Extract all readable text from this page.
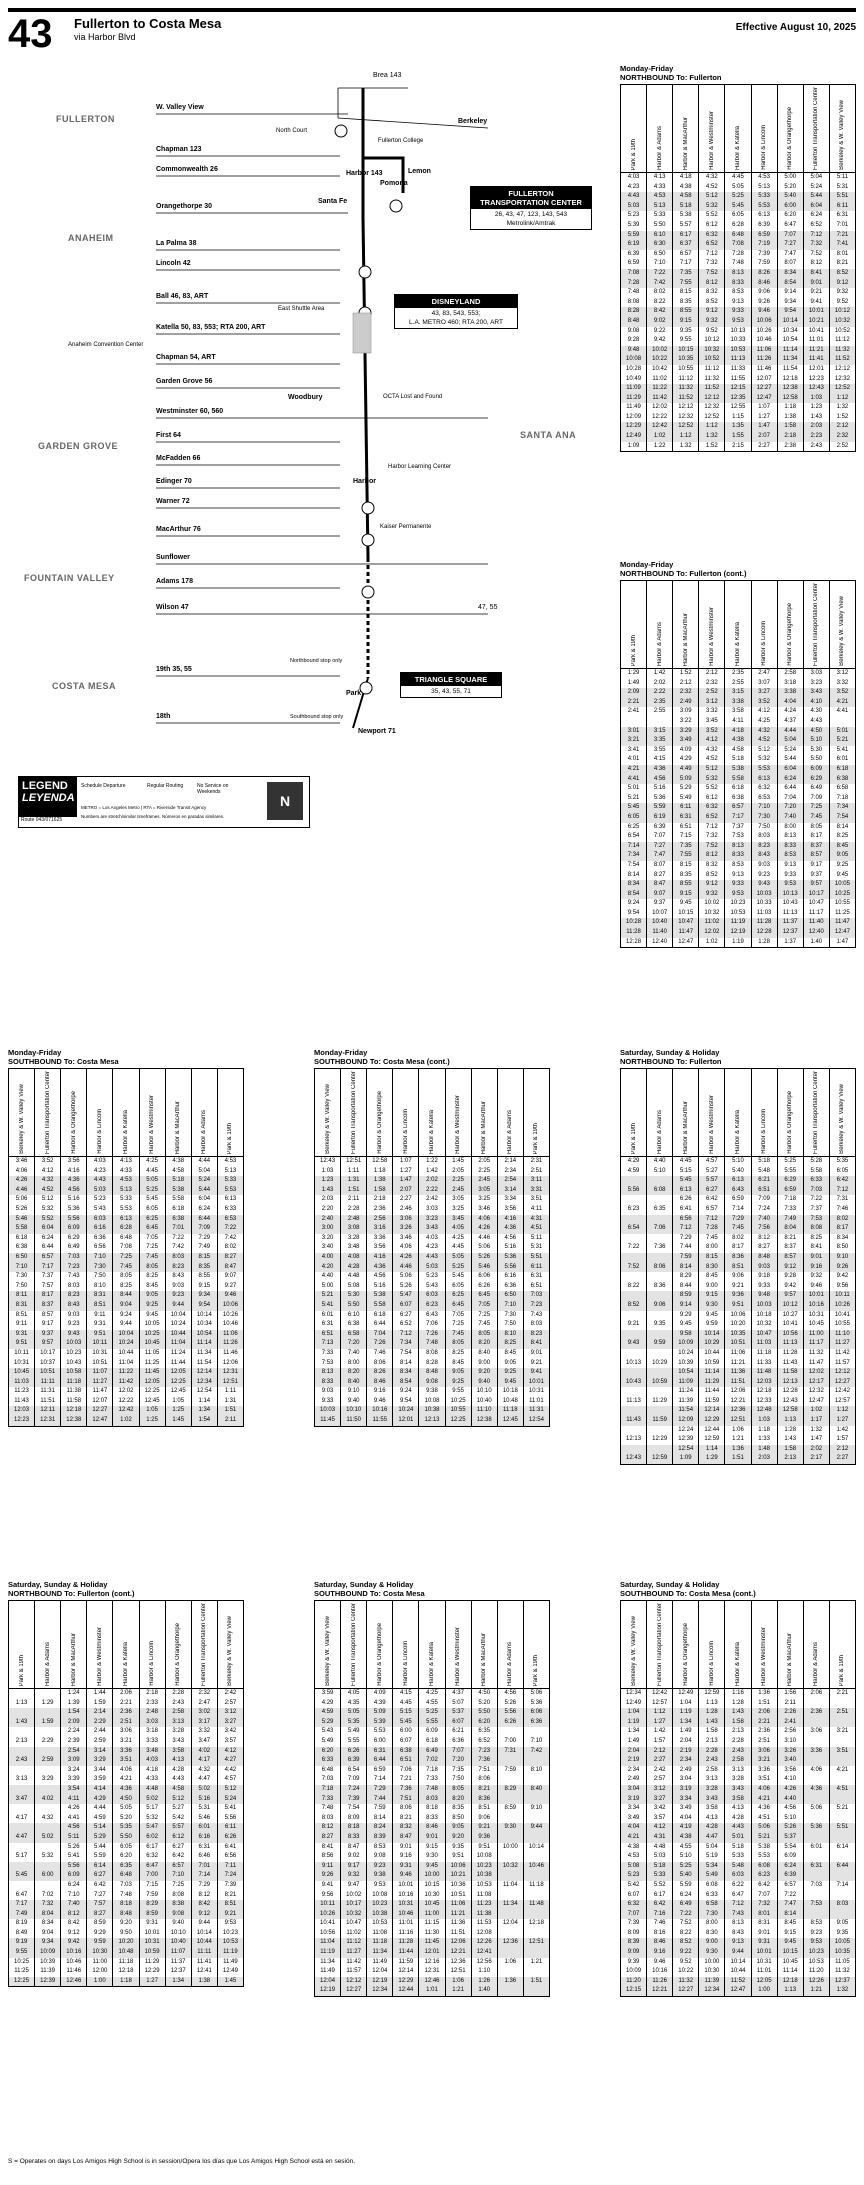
43 Fullerton to Costa Mesa
via Harbor Blvd
Effective August 10, 2025
FULLERTON
ANAHEIM
GARDEN GROVE
SANTA ANA
FOUNTAIN VALLEY
COSTA MESA
W. Valley View
Chapman 123
Commonwealth 26
Orangethorpe 30
La Palma 38
Lincoln 42
Ball 46, 83, ART
Katella 50, 83, 553; RTA 200, ART
Chapman 54, ART
Garden Grove 56
Westminster 60, 560
First 64
McFadden 66
Edinger 70
Warner 72
MacArthur 76
Sunflower
Adams 178
Wilson 47
19th 35, 55
18th
Brea 143
Berkeley
North Court
Fullerton College
Harbor 143
Pomona
Lemon
Santa Fe
East Shuttle Area
Anaheim Convention Center
Woodbury	OCTA Lost and Found
Harbor
Harbor Learning Center
Kaiser Permanente
47, 55
Northbound stop only
Southbound stop only
Park
Newport 71
FULLERTON TRANSPORTATION CENTER
26, 43, 47, 123, 143, 543
Metrolink/Amtrak
DISNEYLAND
43, 83, 543, 553;
L.A. METRO 460; RTA 200, ART
TRIANGLE SQUARE
35, 43, 55, 71
LEGEND
LEYENDA
Route 043/071625
Schedule Departure	Regular Routing	No Service on Weekends
METRO = Los Angeles Metro | RTA = Riverside Transit Agency
Numbers are stretch/similar timeframes. Números en paradas similares.
N
Monday-Friday
NORTHBOUND To: Fullerton
Park & 19th	Harbor & Adams	Harbor & MacArthur	Harbor & Westminster	Harbor & Katella	Harbor & Lincoln	Harbor & Orangethorpe	Fullerton Transportation Center	Berkeley & W. Valley View

4:03	4:13	4:18	4:32	4:45	4:53	5:00	5:04	5:11
4:23	4:33	4:38	4:52	5:05	5:13	5:20	5:24	5:31
4:43	4:53	4:58	5:12	5:25	5:33	5:40	5:44	5:51
5:03	5:13	5:18	5:32	5:45	5:53	6:00	6:04	6:11
5:23	5:33	5:38	5:52	6:05	6:13	6:20	6:24	6:31
5:39	5:50	5:57	6:12	6:28	6:39	6:47	6:52	7:01
5:59	6:10	6:17	6:32	6:48	6:59	7:07	7:12	7:21
6:19	6:30	6:37	6:52	7:08	7:19	7:27	7:32	7:41
6:39	6:50	6:57	7:12	7:28	7:39	7:47	7:52	8:01
6:59	7:10	7:17	7:32	7:48	7:59	8:07	8:12	8:21
7:08	7:22	7:35	7:52	8:13	8:26	8:34	8:41	8:52
7:28	7:42	7:55	8:12	8:33	8:46	8:54	9:01	9:12
7:48	8:02	8:15	8:32	8:53	9:06	9:14	9:21	9:32
8:08	8:22	8:35	8:52	9:13	9:26	9:34	9:41	9:52
8:28	8:42	8:55	9:12	9:33	9:46	9:54	10:01	10:12
8:48	9:02	9:15	9:32	9:53	10:06	10:14	10:21	10:32
9:08	9:22	9:35	9:52	10:13	10:26	10:34	10:41	10:52
9:28	9:42	9:55	10:12	10:33	10:46	10:54	11:01	11:12
9:48	10:02	10:15	10:32	10:53	11:06	11:14	11:21	11:32
10:08	10:22	10:35	10:52	11:13	11:26	11:34	11:41	11:52
10:28	10:42	10:55	11:12	11:33	11:46	11:54	12:01	12:12
10:49	11:02	11:12	11:32	11:55	12:07	12:18	12:23	12:32
11:09	11:22	11:32	11:52	12:15	12:27	12:38	12:43	12:52
11:29	11:42	11:52	12:12	12:35	12:47	12:58	1:03	1:12
11:49	12:02	12:12	12:32	12:55	1:07	1:18	1:23	1:32
12:09	12:22	12:32	12:52	1:15	1:27	1:38	1:43	1:52
12:29	12:42	12:52	1:12	1:35	1:47	1:58	2:03	2:12
12:49	1:02	1:12	1:32	1:55	2:07	2:18	2:23	2:32
1:09	1:22	1:32	1:52	2:15	2:27	2:38	2:43	2:52
Monday-Friday
NORTHBOUND To: Fullerton (cont.)
Park & 19th	Harbor & Adams	Harbor & MacArthur	Harbor & Westminster	Harbor & Katella	Harbor & Lincoln	Harbor & Orangethorpe	Fullerton Transportation Center	Berkeley & W. Valley View

1:29	1:42	1:52	2:12	2:35	2:47	2:58	3:03	3:12
1:49	2:02	2:12	2:32	2:55	3:07	3:18	3:23	3:32
2:09	2:22	2:32	2:52	3:15	3:27	3:38	3:43	3:52
2:21	2:35	2:49	3:12	3:38	3:52	4:04	4:10	4:21
2:41	2:55	3:09	3:32	3:58	4:12	4:24	4:30	4:41
		3:22	3:45	4:11	4:25	4:37	4:43	
3:01	3:15	3:29	3:52	4:18	4:32	4:44	4:50	5:01
3:21	3:35	3:49	4:12	4:38	4:52	5:04	5:10	5:21
3:41	3:55	4:09	4:32	4:58	5:12	5:24	5:30	5:41
4:01	4:15	4:29	4:52	5:18	5:32	5:44	5:50	6:01
4:21	4:36	4:49	5:12	5:38	5:53	6:04	6:09	6:18
4:41	4:56	5:09	5:32	5:58	6:13	6:24	6:29	6:38
5:01	5:16	5:29	5:52	6:18	6:32	6:44	6:49	6:58
5:21	5:36	5:49	6:12	6:38	6:53	7:04	7:09	7:18
5:45	5:59	6:11	6:32	6:57	7:10	7:20	7:25	7:34
6:05	6:19	6:31	6:52	7:17	7:30	7:40	7:45	7:54
6:25	6:39	6:51	7:12	7:37	7:50	8:00	8:05	8:14
6:54	7:07	7:15	7:32	7:53	8:03	8:13	8:17	8:25
7:14	7:27	7:35	7:52	8:13	8:23	8:33	8:37	8:45
7:34	7:47	7:55	8:12	8:33	8:43	8:53	8:57	9:05
7:54	8:07	8:15	8:32	8:53	9:03	9:13	9:17	9:25
8:14	8:27	8:35	8:52	9:13	9:23	9:33	9:37	9:45
8:34	8:47	8:55	9:12	9:33	9:43	9:53	9:57	10:05
8:54	9:07	9:15	9:32	9:53	10:03	10:13	10:17	10:25
9:24	9:37	9:45	10:02	10:23	10:33	10:43	10:47	10:55
9:54	10:07	10:15	10:32	10:53	11:03	11:13	11:17	11:25
10:28	10:40	10:47	11:02	11:19	11:28	11:37	11:40	11:47
11:28	11:40	11:47	12:02	12:19	12:28	12:37	12:40	12:47
12:28	12:40	12:47	1:02	1:19	1:28	1:37	1:40	1:47
Monday-Friday
SOUTHBOUND To: Costa Mesa
Berkeley & W. Valley View	Fullerton Transportation Center	Harbor & Orangethorpe	Harbor & Lincoln	Harbor & Katella	Harbor & Westminster	Harbor & MacArthur	Harbor & Adams	Park & 19th

3:46	3:52	3:56	4:03	4:13	4:25	4:38	4:44	4:53
4:06	4:12	4:16	4:23	4:33	4:45	4:58	5:04	5:13
4:26	4:32	4:36	4:43	4:53	5:05	5:18	5:24	5:33
4:46	4:52	4:56	5:03	5:13	5:25	5:38	5:44	5:53
5:06	5:12	5:16	5:23	5:33	5:45	5:58	6:04	6:13
5:26	5:32	5:36	5:43	5:53	6:05	6:18	6:24	6:33
5:46	5:52	5:56	6:03	6:13	6:25	6:38	6:44	6:53
5:58	6:04	6:09	6:16	6:28	6:45	7:01	7:09	7:22
6:18	6:24	6:29	6:36	6:48	7:05	7:22	7:29	7:42
6:38	6:44	6:49	6:56	7:08	7:25	7:42	7:49	8:02
6:50	6:57	7:03	7:10	7:25	7:45	8:03	8:15	8:27
7:10	7:17	7:23	7:30	7:45	8:05	8:23	8:35	8:47
7:30	7:37	7:43	7:50	8:05	8:25	8:43	8:55	9:07
7:50	7:57	8:03	8:10	8:25	8:45	9:03	9:15	9:27
8:11	8:17	8:23	8:31	8:44	9:05	9:23	9:34	9:46
8:31	8:37	8:43	8:51	9:04	9:25	9:44	9:54	10:06
8:51	8:57	9:03	9:11	9:24	9:45	10:04	10:14	10:26
9:11	9:17	9:23	9:31	9:44	10:05	10:24	10:34	10:46
9:31	9:37	9:43	9:51	10:04	10:25	10:44	10:54	11:06
9:51	9:57	10:03	10:11	10:24	10:45	11:04	11:14	11:26
10:11	10:17	10:23	10:31	10:44	11:05	11:24	11:34	11:46
10:31	10:37	10:43	10:51	11:04	11:25	11:44	11:54	12:06
10:45	10:51	10:58	11:07	11:22	11:45	12:05	12:14	12:31
11:03	11:11	11:18	11:27	11:42	12:05	12:25	12:34	12:51
11:23	11:31	11:38	11:47	12:02	12:25	12:45	12:54	1:11
11:43	11:51	11:58	12:07	12:22	12:45	1:05	1:14	1:31
12:03	12:11	12:18	12:27	12:42	1:05	1:25	1:34	1:51
12:23	12:31	12:38	12:47	1:02	1:25	1:45	1:54	2:11
Monday-Friday
SOUTHBOUND To: Costa Mesa (cont.)
Berkeley & W. Valley View	Fullerton Transportation Center	Harbor & Orangethorpe	Harbor & Lincoln	Harbor & Katella	Harbor & Westminster	Harbor & MacArthur	Harbor & Adams	Park & 19th

12:43	12:51	12:58	1:07	1:22	1:45	2:05	2:14	2:31
1:03	1:11	1:18	1:27	1:42	2:05	2:25	2:34	2:51
1:23	1:31	1:38	1:47	2:02	2:25	2:45	2:54	3:11
1:43	1:51	1:58	2:07	2:22	2:45	3:05	3:14	3:31
2:03	2:11	2:18	2:27	2:42	3:05	3:25	3:34	3:51
2:20	2:28	2:36	2:46	3:03	3:25	3:46	3:56	4:11
2:40	2:48	2:56	3:06	3:23	3:45	4:06	4:16	4:31
3:00	3:08	3:16	3:26	3:43	4:05	4:26	4:36	4:51
3:20	3:28	3:36	3:46	4:03	4:25	4:46	4:56	5:11
3:40	3:48	3:56	4:06	4:23	4:45	5:06	5:16	5:31
4:00	4:08	4:16	4:26	4:43	5:05	5:26	5:36	5:51
4:20	4:28	4:36	4:46	5:03	5:25	5:46	5:56	6:11
4:40	4:48	4:56	5:06	5:23	5:45	6:06	6:16	6:31
5:00	5:08	5:16	5:26	5:43	6:05	6:26	6:36	6:51
5:21	5:30	5:38	5:47	6:03	6:25	6:45	6:50	7:03
5:41	5:50	5:58	6:07	6:23	6:45	7:05	7:10	7:23
6:01	6:10	6:18	6:27	6:43	7:05	7:25	7:30	7:43
6:31	6:38	6:44	6:52	7:06	7:25	7:45	7:50	8:03
6:51	6:58	7:04	7:12	7:26	7:45	8:05	8:10	8:23
7:13	7:20	7:26	7:34	7:48	8:05	8:20	8:25	8:41
7:33	7:40	7:46	7:54	8:08	8:25	8:40	8:45	9:01
7:53	8:00	8:06	8:14	8:28	8:45	9:00	9:05	9:21
8:13	8:20	8:26	8:34	8:48	9:05	9:20	9:25	9:41
8:33	8:40	8:46	8:54	9:08	9:25	9:40	9:45	10:01
9:03	9:10	9:16	9:24	9:38	9:55	10:10	10:18	10:31
9:33	9:40	9:46	9:54	10:08	10:25	10:40	10:48	11:01
10:03	10:10	10:16	10:24	10:38	10:55	11:10	11:18	11:31
11:45	11:50	11:55	12:01	12:13	12:25	12:38	12:45	12:54
Saturday, Sunday & Holiday
NORTHBOUND To: Fullerton
Park & 19th	Harbor & Adams	Harbor & MacArthur	Harbor & Westminster	Harbor & Katella	Harbor & Lincoln	Harbor & Orangethorpe	Fullerton Transportation Center	Berkeley & W. Valley View

4:29	4:40	4:45	4:57	5:10	5:18	5:25	5:28	5:35
4:59	5:10	5:15	5:27	5:40	5:48	5:55	5:58	6:05
		5:45	5:57	6:13	6:21	6:29	6:33	6:42
5:56	6:08	6:13	6:27	6:43	6:51	6:59	7:03	7:12
		6:26	6:42	6:59	7:09	7:18	7:22	7:31
6:23	6:35	6:41	6:57	7:14	7:24	7:33	7:37	7:46
		6:56	7:12	7:29	7:40	7:49	7:53	8:02
6:54	7:06	7:12	7:28	7:45	7:56	8:04	8:08	8:17
		7:29	7:45	8:02	8:12	8:21	8:25	8:34
7:22	7:36	7:44	8:00	8:17	8:27	8:37	8:41	8:50
		7:59	8:15	8:36	8:48	8:57	9:01	9:10
7:52	8:06	8:14	8:30	8:51	9:03	9:12	9:16	9:26
		8:29	8:45	9:06	9:18	9:28	9:32	9:42
8:22	8:36	8:44	9:00	9:21	9:33	9:42	9:46	9:56
		8:59	9:15	9:36	9:48	9:57	10:01	10:11
8:52	9:06	9:14	9:30	9:51	10:03	10:12	10:16	10:26
		9:29	9:45	10:06	10:18	10:27	10:31	10:41
9:21	9:35	9:45	9:59	10:20	10:32	10:41	10:45	10:55
		9:58	10:14	10:35	10:47	10:56	11:00	11:10
9:43	9:59	10:09	10:29	10:51	11:03	11:13	11:17	11:27
		10:24	10:44	11:06	11:18	11:28	11:32	11:42
10:13	10:29	10:39	10:59	11:21	11:33	11:43	11:47	11:57
		10:54	11:14	11:36	11:48	11:58	12:02	12:12
10:43	10:59	11:09	11:29	11:51	12:03	12:13	12:17	12:27
		11:24	11:44	12:06	12:18	12:28	12:32	12:42
11:13	11:29	11:39	11:59	12:21	12:33	12:43	12:47	12:57
		11:54	12:14	12:36	12:48	12:58	1:02	1:12
11:43	11:59	12:09	12:29	12:51	1:03	1:13	1:17	1:27
		12:24	12:44	1:06	1:18	1:28	1:32	1:42
12:13	12:29	12:39	12:59	1:21	1:33	1:43	1:47	1:57
		12:54	1:14	1:36	1:48	1:58	2:02	2:12
12:43	12:59	1:09	1:29	1:51	2:03	2:13	2:17	2:27
Saturday, Sunday & Holiday
NORTHBOUND To: Fullerton (cont.)
Park & 19th	Harbor & Adams	Harbor & MacArthur	Harbor & Westminster	Harbor & Katella	Harbor & Lincoln	Harbor & Orangethorpe	Fullerton Transportation Center	Berkeley & W. Valley View

		1:24	1:44	2:06	2:18	2:28	2:32	2:42
1:13	1:29	1:39	1:59	2:21	2:33	2:43	2:47	2:57
		1:54	2:14	2:36	2:48	2:58	3:02	3:12
1:43	1:59	2:09	2:29	2:51	3:03	3:13	3:17	3:27
		2:24	2:44	3:06	3:18	3:28	3:32	3:42
2:13	2:29	2:39	2:59	3:21	3:33	3:43	3:47	3:57
		2:54	3:14	3:36	3:48	3:58	4:02	4:12
2:43	2:59	3:09	3:29	3:51	4:03	4:13	4:17	4:27
		3:24	3:44	4:06	4:18	4:28	4:32	4:42
3:13	3:29	3:39	3:59	4:21	4:33	4:43	4:47	4:57
		3:54	4:14	4:36	4:48	4:58	5:02	5:12
3:47	4:02	4:11	4:29	4:50	5:02	5:12	5:16	5:24
		4:26	4:44	5:05	5:17	5:27	5:31	5:41
4:17	4:32	4:41	4:59	5:20	5:32	5:42	5:46	5:56
		4:56	5:14	5:35	5:47	5:57	6:01	6:11
4:47	5:02	5:11	5:29	5:50	6:02	6:12	6:16	6:26
		5:26	5:44	6:05	6:17	6:27	6:31	6:41
5:17	5:32	5:41	5:59	6:20	6:32	6:42	6:46	6:56
		5:56	6:14	6:35	6:47	6:57	7:01	7:11
5:45	6:00	6:09	6:27	6:48	7:00	7:10	7:14	7:24
		6:24	6:42	7:03	7:15	7:25	7:29	7:39
6:47	7:02	7:10	7:27	7:48	7:59	8:08	8:12	8:21
7:17	7:32	7:40	7:57	8:18	8:29	8:38	8:42	8:51
7:49	8:04	8:12	8:27	8:48	8:59	9:08	9:12	9:21
8:19	8:34	8:42	8:59	9:20	9:31	9:40	9:44	9:53
8:49	9:04	9:12	9:29	9:50	10:01	10:10	10:14	10:23
9:19	9:34	9:42	9:59	10:20	10:31	10:40	10:44	10:53
9:55	10:09	10:16	10:30	10:48	10:59	11:07	11:11	11:19
10:25	10:39	10:46	11:00	11:18	11:29	11:37	11:41	11:49
11:25	11:39	11:46	12:00	12:18	12:29	12:37	12:41	12:49
12:25	12:39	12:46	1:00	1:18	1:27	1:34	1:38	1:45
Saturday, Sunday & Holiday
SOUTHBOUND To: Costa Mesa
Berkeley & W. Valley View	Fullerton Transportation Center	Harbor & Orangethorpe	Harbor & Lincoln	Harbor & Katella	Harbor & Westminster	Harbor & MacArthur	Harbor & Adams	Park & 19th

3:59	4:05	4:09	4:15	4:25	4:37	4:50	4:56	5:06
4:29	4:35	4:39	4:45	4:55	5:07	5:20	5:26	5:36
4:59	5:05	5:09	5:15	5:25	5:37	5:50	5:56	6:06
5:29	5:35	5:39	5:45	5:55	6:07	6:20	6:26	6:36
5:43	5:49	5:53	6:00	6:09	6:21	6:35		
5:49	5:55	6:00	6:07	6:18	6:36	6:52	7:00	7:10
6:20	6:26	6:31	6:38	6:49	7:07	7:23	7:31	7:42
6:33	6:39	6:44	6:51	7:02	7:20	7:36		
6:48	6:54	6:59	7:06	7:18	7:35	7:51	7:59	8:10
7:03	7:09	7:14	7:21	7:33	7:50	8:06		
7:18	7:24	7:29	7:36	7:48	8:05	8:21	8:29	8:40
7:33	7:39	7:44	7:51	8:03	8:20	8:36		
7:48	7:54	7:59	8:06	8:18	8:35	8:51	8:59	9:10
8:03	8:09	8:14	8:21	8:33	8:50	9:06		
8:12	8:18	8:24	8:32	8:46	9:05	9:21	9:30	9:44
8:27	8:33	8:39	8:47	9:01	9:20	9:36		
8:41	8:47	8:53	9:01	9:15	9:35	9:51	10:00	10:14
8:56	9:02	9:08	9:16	9:30	9:51	10:08		
9:11	9:17	9:23	9:31	9:45	10:06	10:23	10:32	10:46
9:26	9:32	9:38	9:46	10:00	10:21	10:38		
9:41	9:47	9:53	10:01	10:15	10:36	10:53	11:04	11:18
9:56	10:02	10:08	10:16	10:30	10:51	11:08		
10:11	10:17	10:23	10:31	10:45	11:06	11:23	11:34	11:48
10:26	10:32	10:38	10:46	11:00	11:21	11:38		
10:41	10:47	10:53	11:01	11:15	11:36	11:53	12:04	12:18
10:56	11:02	11:08	11:16	11:30	11:51	12:08		
11:04	11:12	11:18	11:28	11:45	12:06	12:26	12:36	12:51
11:19	11:27	11:34	11:44	12:01	12:21	12:41		
11:34	11:42	11:49	11:59	12:16	12:36	12:56	1:06	1:21
11:49	11:57	12:04	12:14	12:31	12:51	1:10		
12:04	12:12	12:19	12:29	12:46	1:06	1:26	1:36	1:51
12:19	12:27	12:34	12:44	1:01	1:21	1:40		
Saturday, Sunday & Holiday
SOUTHBOUND To: Costa Mesa (cont.)
Berkeley & W. Valley View	Fullerton Transportation Center	Harbor & Orangethorpe	Harbor & Lincoln	Harbor & Katella	Harbor & Westminster	Harbor & MacArthur	Harbor & Adams	Park & 19th

12:34	12:42	12:49	12:59	1:16	1:36	1:56	2:06	2:21
12:49	12:57	1:04	1:13	1:28	1:51	2:11		
1:04	1:12	1:19	1:28	1:43	2:06	2:26	2:36	2:51
1:19	1:27	1:34	1:43	1:58	2:21	2:41		
1:34	1:42	1:49	1:58	2:13	2:36	2:56	3:06	3:21
1:49	1:57	2:04	2:13	2:28	2:51	3:10		
2:04	2:12	2:19	2:28	2:43	3:06	3:26	3:36	3:51
2:19	2:27	2:34	2:43	2:58	3:21	3:40		
2:34	2:42	2:49	2:58	3:13	3:36	3:56	4:06	4:21
2:49	2:57	3:04	3:13	3:28	3:51	4:10		
3:04	3:12	3:19	3:28	3:43	4:06	4:26	4:36	4:51
3:19	3:27	3:34	3:43	3:58	4:21	4:40		
3:34	3:42	3:49	3:58	4:13	4:36	4:56	5:06	5:21
3:49	3:57	4:04	4:13	4:28	4:51	5:10		
4:04	4:12	4:19	4:28	4:43	5:06	5:26	5:36	5:51
4:21	4:31	4:38	4:47	5:01	5:21	5:37		
4:38	4:48	4:55	5:04	5:18	5:38	5:54	6:01	6:14
4:53	5:03	5:10	5:19	5:33	5:53	6:09		
5:08	5:18	5:25	5:34	5:48	6:08	6:24	6:31	6:44
5:23	5:33	5:40	5:49	6:03	6:23	6:39		
5:42	5:52	5:59	6:08	6:22	6:42	6:57	7:03	7:14
6:07	6:17	6:24	6:33	6:47	7:07	7:22		
6:32	6:42	6:49	6:58	7:12	7:32	7:47	7:53	8:03
7:07	7:16	7:22	7:30	7:43	8:01	8:14		
7:39	7:46	7:52	8:00	8:13	8:31	8:45	8:53	9:05
8:09	8:16	8:22	8:30	8:43	9:01	9:15	9:23	9:35
8:39	8:46	8:52	9:00	9:13	9:31	9:45	9:53	10:05
9:09	9:16	9:22	9:30	9:44	10:01	10:15	10:23	10:35
9:39	9:46	9:52	10:00	10:14	10:31	10:45	10:53	11:05
10:09	10:16	10:22	10:30	10:44	11:01	11:14	11:20	11:32
11:20	11:26	11:32	11:39	11:52	12:05	12:18	12:26	12:37
12:15	12:21	12:27	12:34	12:47	1:00	1:13	1:21	1:32
S = Operates on days Los Amigos High School is in session/Opera los días que Los Amigos High School está en sesión.
